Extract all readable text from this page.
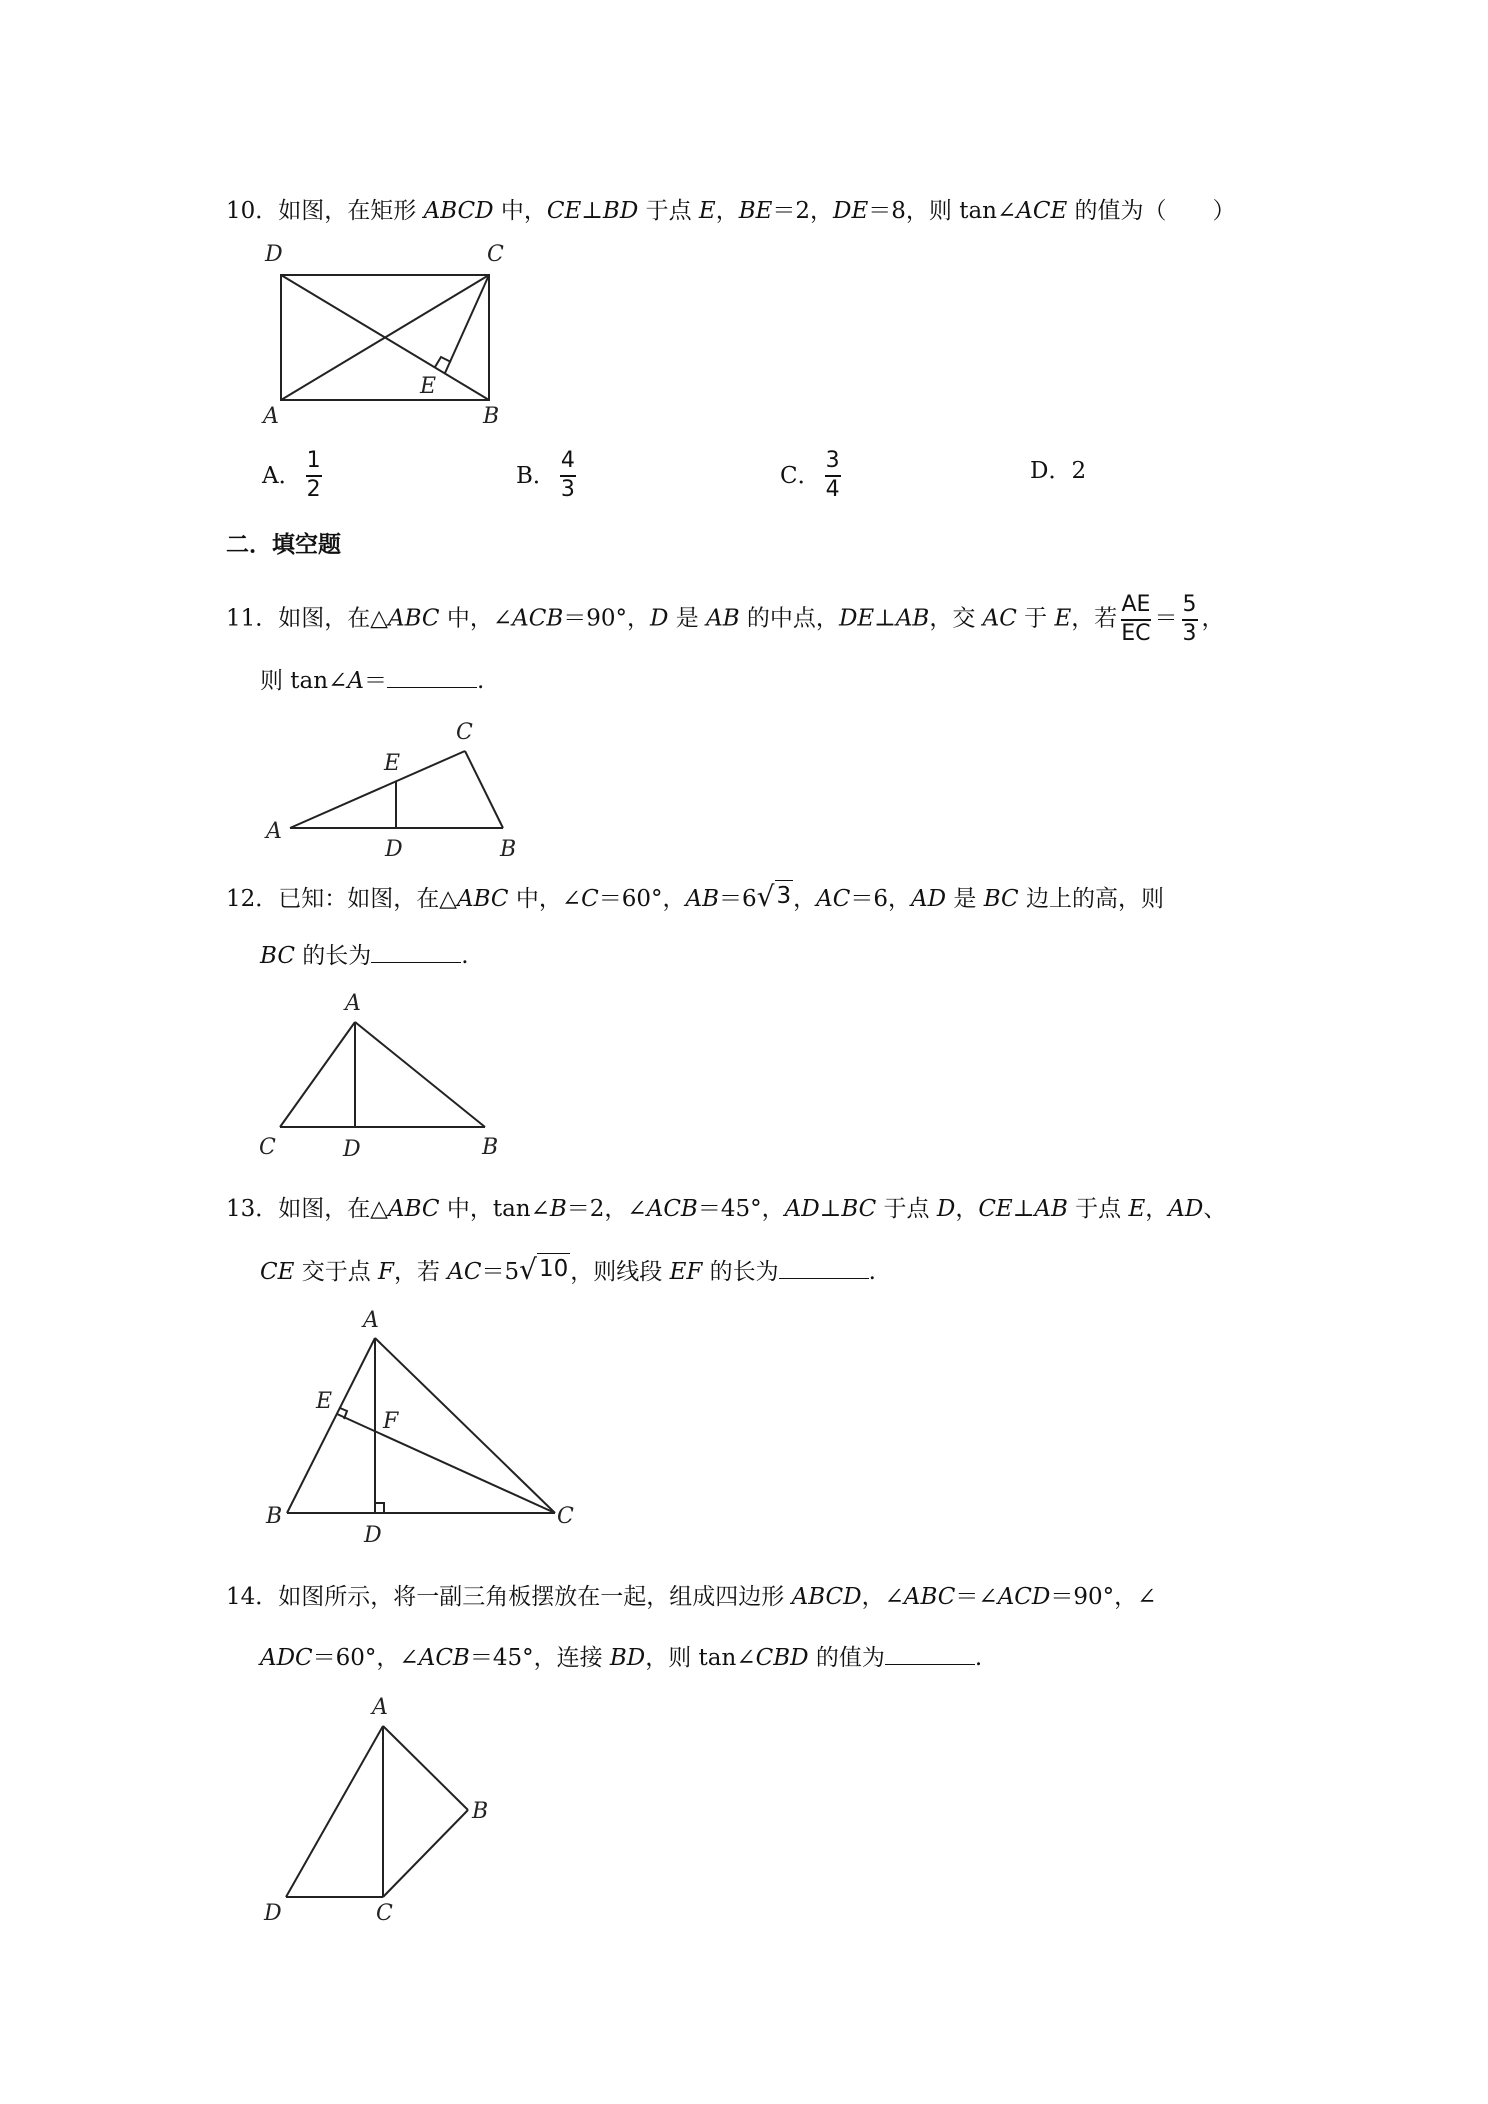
10．如图，在矩形 ABCD 中，CE⊥BD 于点 E，BE＝2，DE＝8，则 tan∠ACE 的值为（　　）
D	C
A	B
E
A． $\frac{1}{2}$	B． $\frac{4}{3}$	C． $\frac{3}{4}$	D． 2
二．填空题
11．如图，在△ABC 中，∠ACB＝90°，D 是 AB 的中点，DE⊥AB，交 AC 于 E，若 $\frac{AE}{EC} = \frac{5}{3}$ ，
则 tan∠A＝	.
A
D	B
E
C
12．已知：如图，在△ABC 中，∠C＝60°，AB＝6 √ 3 ，AC＝6，AD 是 BC 边上的高，则
BC 的长为	.
A
C	D	B
13．如图，在△ABC 中，tan∠B＝2，∠ACB＝45°，AD⊥BC 于点 D，CE⊥AB 于点 E，AD、
CE 交于点 F，若 AC＝5 √ 10 ，则线段 EF 的长为	.
A
E
F
B
D
C
14．如图所示，将一副三角板摆放在一起，组成四边形 ABCD，∠ABC＝∠ACD＝90°，∠
ADC＝60°，∠ACB＝45°，连接 BD，则 tan∠CBD 的值为	.
A
B
D	C
